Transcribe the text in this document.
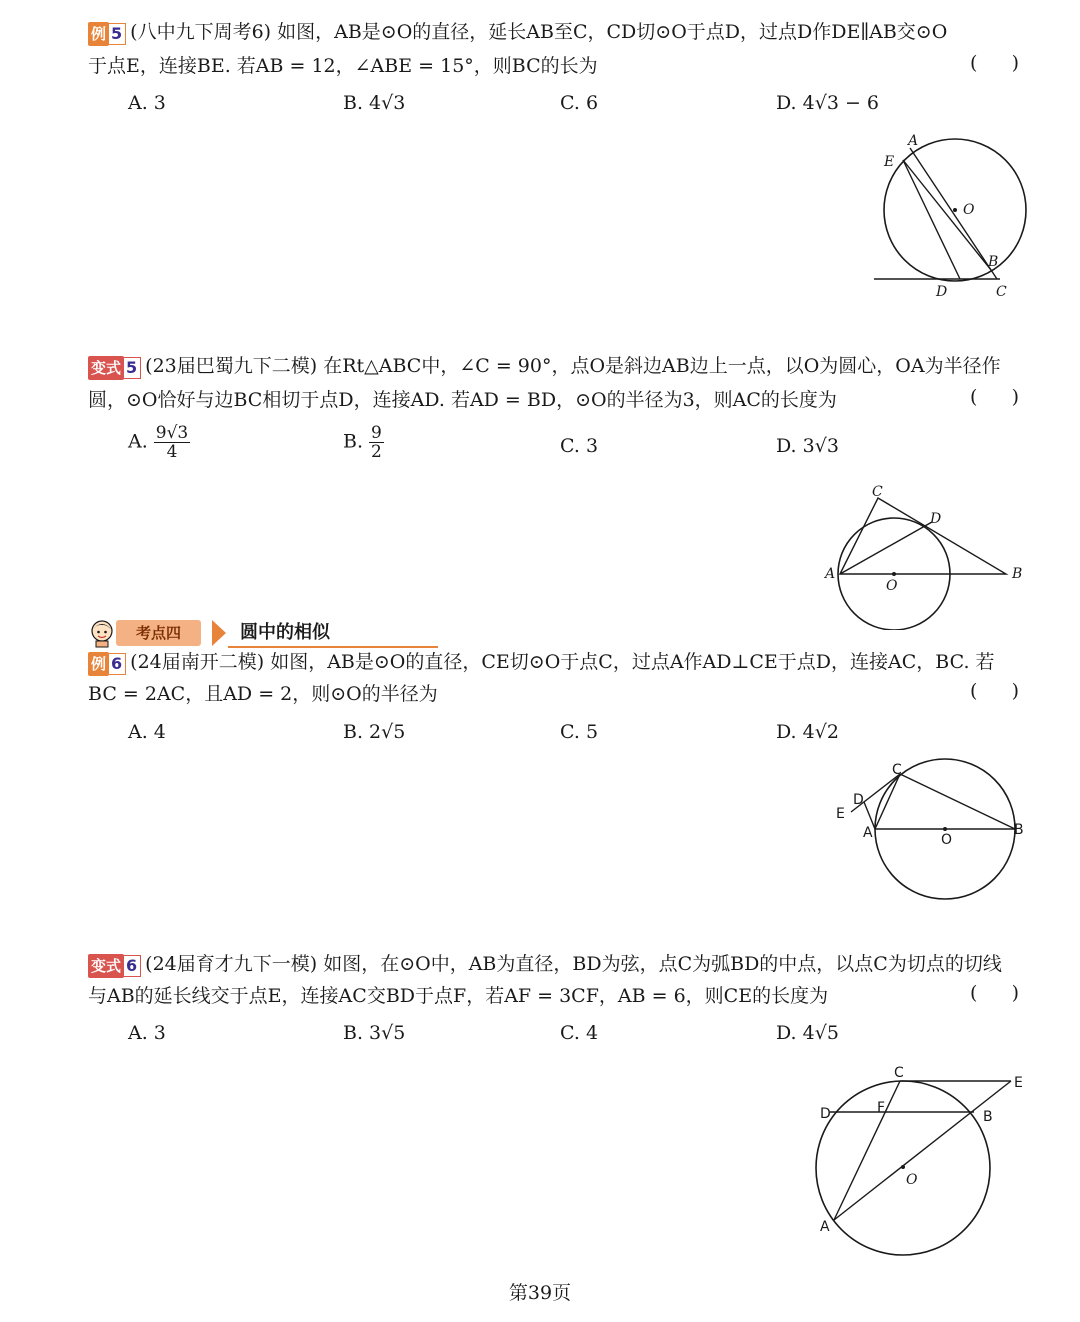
例 5 (八中九下周考6) 如图，AB是⊙O的直径，延长AB至C，CD切⊙O于点D，过点D作DE∥AB交⊙O
于点E，连接BE. 若AB = 12，∠ABE = 15°，则BC的长为	(    )
A. 3	B. 4√3	C. 6	D. 4√3 − 6
A
E
O
B
D	C
变式 5 (23届巴蜀九下二模) 在Rt△ABC中，∠C = 90°，点O是斜边AB边上一点，以O为圆心，OA为半径作
圆，⊙O恰好与边BC相切于点D，连接AD. 若AD = BD，⊙O的半径为3，则AC的长度为	(    )
A. $\frac{9√3}{4}$	B. $\frac{9}{2}$	C. 3	D. 3√3
C
D
A
O
B
考点四	圆中的相似
例 6 (24届南开二模) 如图，AB是⊙O的直径，CE切⊙O于点C，过点A作AD⊥CE于点D，连接AC，BC. 若
BC = 2AC，且AD = 2，则⊙O的半径为	(    )
A. 4	B. 2√5	C. 5	D. 4√2
C
D
E
A	O
B
变式 6 (24届育才九下一模) 如图，在⊙O中，AB为直径，BD为弦，点C为弧BD的中点，以点C为切点的切线
与AB的延长线交于点E，连接AC交BD于点F，若AF = 3CF，AB = 6，则CE的长度为	(    )
A. 3	B. 3√5	C. 4	D. 4√5
C
E
D	F
B
O
A
第39页
